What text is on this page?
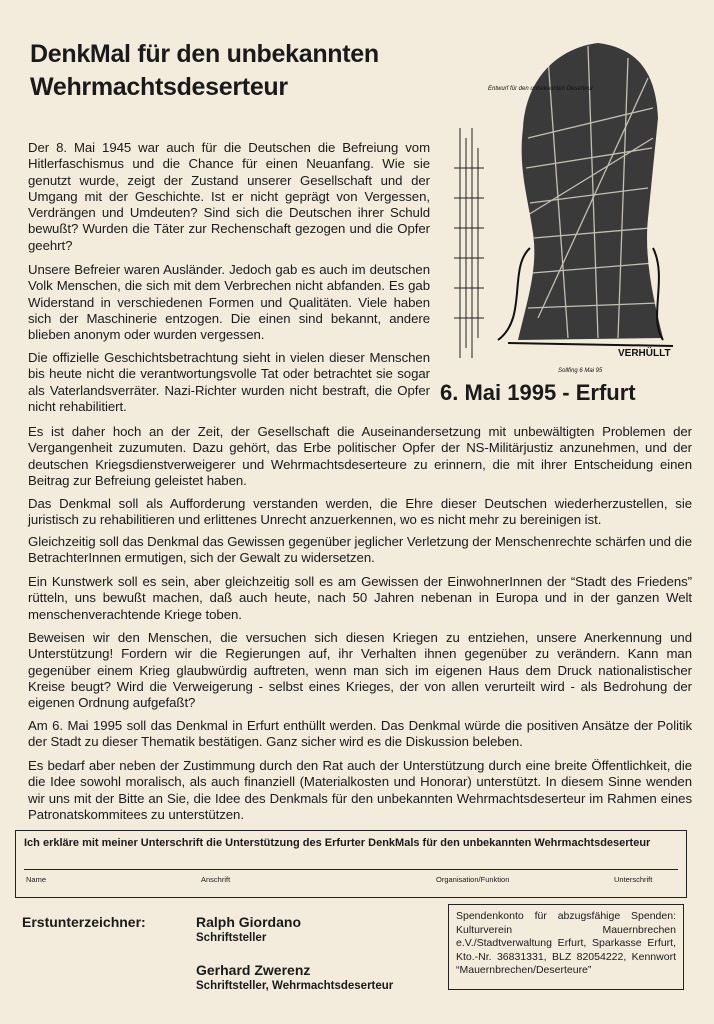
DenkMal für den unbekannten
Wehrmachtsdeserteur

Der 8. Mai 1945 war auch für die Deutschen die Befreiung vom Hitlerfaschismus und die Chance für einen Neuanfang. Wie sie genutzt wurde, zeigt der Zustand unserer Gesellschaft und der Umgang mit der Geschichte. Ist er nicht geprägt von Vergessen, Verdrängen und Umdeuten? Sind sich die Deutschen ihrer Schuld bewußt? Wurden die Täter zur Rechenschaft gezogen und die Opfer geehrt?

Unsere Befreier waren Ausländer. Jedoch gab es auch im deutschen Volk Menschen, die sich mit dem Verbrechen nicht abfanden. Es gab Widerstand in verschiedenen Formen und Qualitäten. Viele haben sich der Maschinerie entzogen. Die einen sind bekannt, andere blieben anonym oder wurden vergessen.

Die offizielle Geschichtsbetrachtung sieht in vielen dieser Menschen bis heute nicht die verantwortungsvolle Tat oder betrachtet sie sogar als Vaterlandsverräter. Nazi-Richter wurden nicht bestraft, die Opfer nicht rehabilitiert.

Es ist daher hoch an der Zeit, der Gesellschaft die Auseinandersetzung mit unbewältigten Problemen der Vergangenheit zuzumuten. Dazu gehört, das Erbe politischer Opfer der NS-Militärjustiz anzunehmen, und der deutschen Kriegsdienstverweigerer und Wehrmachtsdeserteure zu erinnern, die mit ihrer Entscheidung einen Beitrag zur Befreiung geleistet haben.

Das Denkmal soll als Aufforderung verstanden werden, die Ehre dieser Deutschen wiederherzustellen, sie juristisch zu rehabilitieren und erlittenes Unrecht anzuerkennen, wo es nicht mehr zu bereinigen ist.

Gleichzeitig soll das Denkmal das Gewissen gegenüber jeglicher Verletzung der Menschenrechte schärfen und die BetrachterInnen ermutigen, sich der Gewalt zu widersetzen.

Ein Kunstwerk soll es sein, aber gleichzeitig soll es am Gewissen der EinwohnerInnen der “Stadt des Friedens” rütteln, uns bewußt machen, daß auch heute, nach 50 Jahren nebenan in Europa und in der ganzen Welt menschenverachtende Kriege toben.

Beweisen wir den Menschen, die versuchen sich diesen Kriegen zu entziehen, unsere Anerkennung und Unterstützung! Fordern wir die Regierungen auf, ihr Verhalten ihnen gegenüber zu verändern. Kann man gegenüber einem Krieg glaubwürdig auftreten, wenn man sich im eigenen Haus dem Druck nationalistischer Kreise beugt? Wird die Verweigerung - selbst eines Krieges, der von allen verurteilt wird - als Bedrohung der eigenen Ordnung aufgefaßt?

Am 6. Mai 1995 soll das Denkmal in Erfurt enthüllt werden. Das Denkmal würde die positiven Ansätze der Politik der Stadt zu dieser Thematik bestätigen. Ganz sicher wird es die Diskussion beleben.

Es bedarf aber neben der Zustimmung durch den Rat auch der Unterstützung durch eine breite Öffentlichkeit, die die Idee sowohl moralisch, als auch finanziell (Materialkosten und Honorar) unterstützt. In diesem Sinne wenden wir uns mit der Bitte an Sie, die Idee des Denkmals für den unbekannten Wehrmachtsdeserteur im Rahmen eines Patronatskommitees zu unterstützen.

VERHÜLLT
Sollfing 6 Mai 95
Entwurf für den unbekannten Deserteur
6. Mai 1995 - Erfurt
Ich erkläre mit meiner Unterschrift die Unterstützung des Erfurter DenkMals für den unbekannten Wehrmachtsdeserteur
Name	Anschrift	Organisation/Funktion	Unterschrift
Erstunterzeichner:	Ralph Giordano
Schriftsteller
Gerhard Zwerenz
Schriftsteller, Wehrmachtsdeserteur
Spendenkonto für abzugsfähige Spenden: Kulturverein Mauernbrechen e.V./Stadtverwaltung Erfurt, Sparkasse Erfurt, Kto.-Nr. 36831331, BLZ 82054222, Kennwort “Mauernbrechen/Deserteure”
